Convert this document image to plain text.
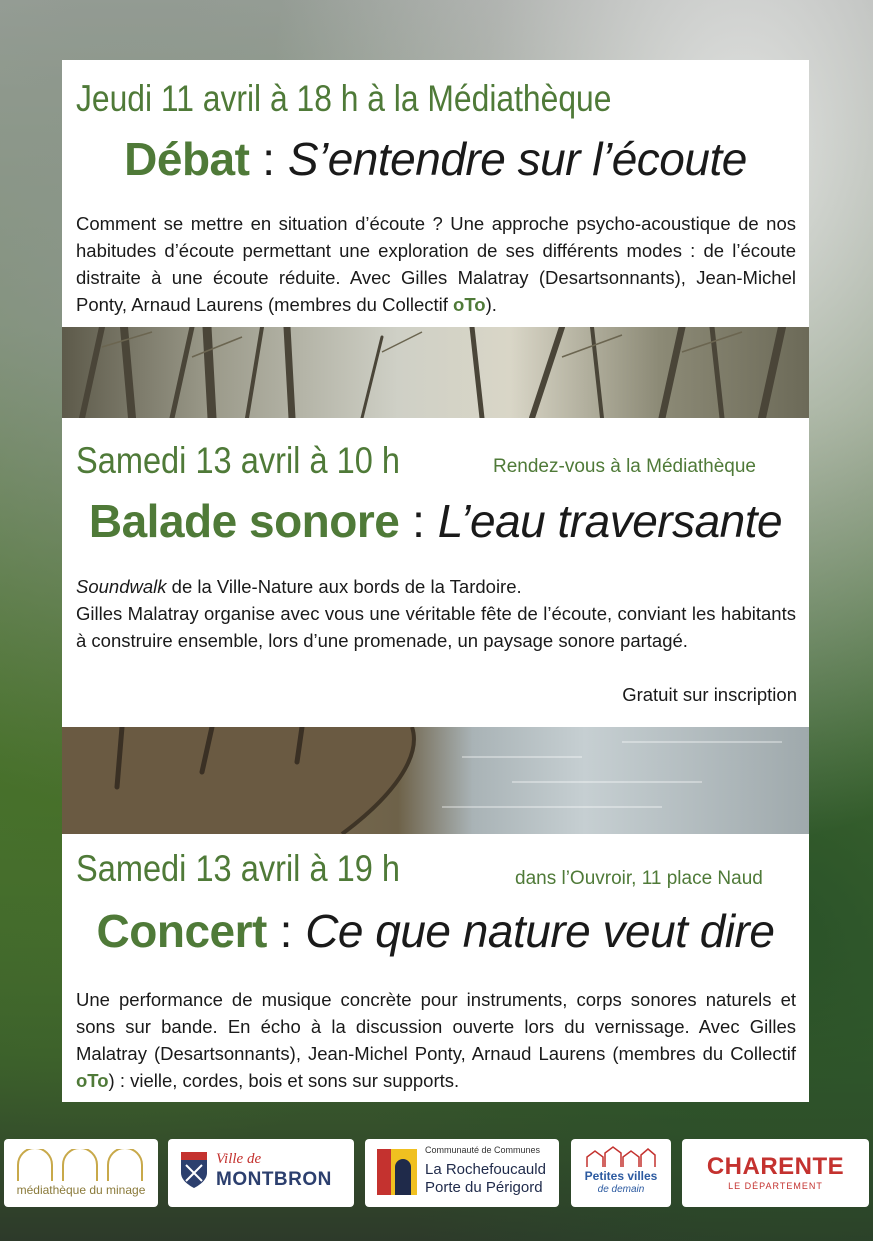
Jeudi 11 avril à 18 h à la Médiathèque
Débat : S’entendre sur l’écoute

Comment se mettre en situation d’écoute ? Une approche psycho-acoustique de nos habitudes d’écoute permettant une exploration de ses différents modes : de l’écoute distraite à une écoute réduite. Avec Gilles Malatray (Desartsonnants), Jean-Michel Ponty, Arnaud Laurens (membres du Collectif oTo).

Samedi 13 avril à 10 h	Rendez-vous à la Médiathèque
Balade sonore : L’eau traversante

Soundwalk de la Ville-Nature aux bords de la Tardoire.

Gilles Malatray organise avec vous une véritable fête de l’écoute, conviant les habitants à construire ensemble, lors d’une promenade, un paysage sonore partagé.

Gratuit sur inscription
Samedi 13 avril à 19 h	dans l’Ouvroir, 11 place Naud
Concert : Ce que nature veut dire

Une performance de musique concrète pour instruments, corps sonores naturels et sons sur bande. En écho à la discussion ouverte lors du vernissage. Avec Gilles Malatray (Desartsonnants), Jean-Michel Ponty, Arnaud Laurens (membres du Collectif oTo) : vielle, cordes, bois et sons sur supports.

médiathèque du minage
Ville de
MONTBRON
Communauté de Communes
La Rochefoucauld
Porte du Périgord
Petites villes
de demain
CHARENTE
LE DÉPARTEMENT
